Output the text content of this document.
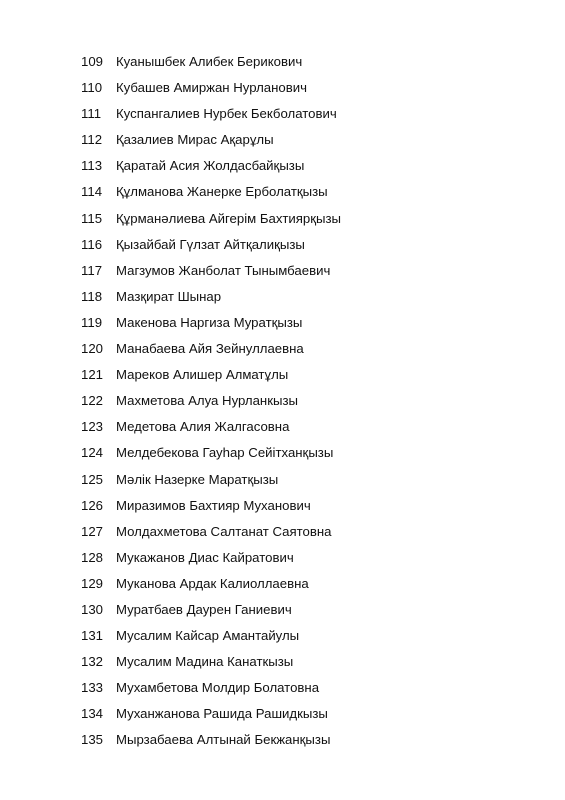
109 Куанышбек Алибек Берикович
110	Кубашев Амиржан Нурланович
111	Куспангалиев Нурбек Бекболатович
112	Қазалиев Мирас Ақарұлы
113	Қаратай Асия Жолдасбайқызы
114	Құлманова Жанерке Ерболатқызы
115	Құрманәлиева Айгерім Бахтиярқызы
116	Қызайбай Гүлзат Айтқалиқызы
117	Магзумов Жанболат Тынымбаевич
118	Мазқират Шынар
119	Макенова Наргиза Муратқызы
120 Манабаева Айя Зейнуллаевна
121 Мареков Алишер Алматұлы
122 Махметова Алуа Нурланкызы
123 Медетова Алия Жалгасовна
124 Мелдебекова Гауһар Сейітханқызы
125 Мәлік Назерке Маратқызы
126 Миразимов Бахтияр Муханович
127 Молдахметова Салтанат Саятовна
128 Мукажанов Диас Кайратович
129 Муканова Ардак Калиоллаевна
130 Муратбаев Даурен Ганиевич
131 Мусалим Кайсар Амантайулы
132 Мусалим Мадина Канаткызы
133 Мухамбетова Молдир Болатовна
134 Муханжанова Рашида Рашидкызы
135 Мырзабаева Алтынай Бекжанқызы
